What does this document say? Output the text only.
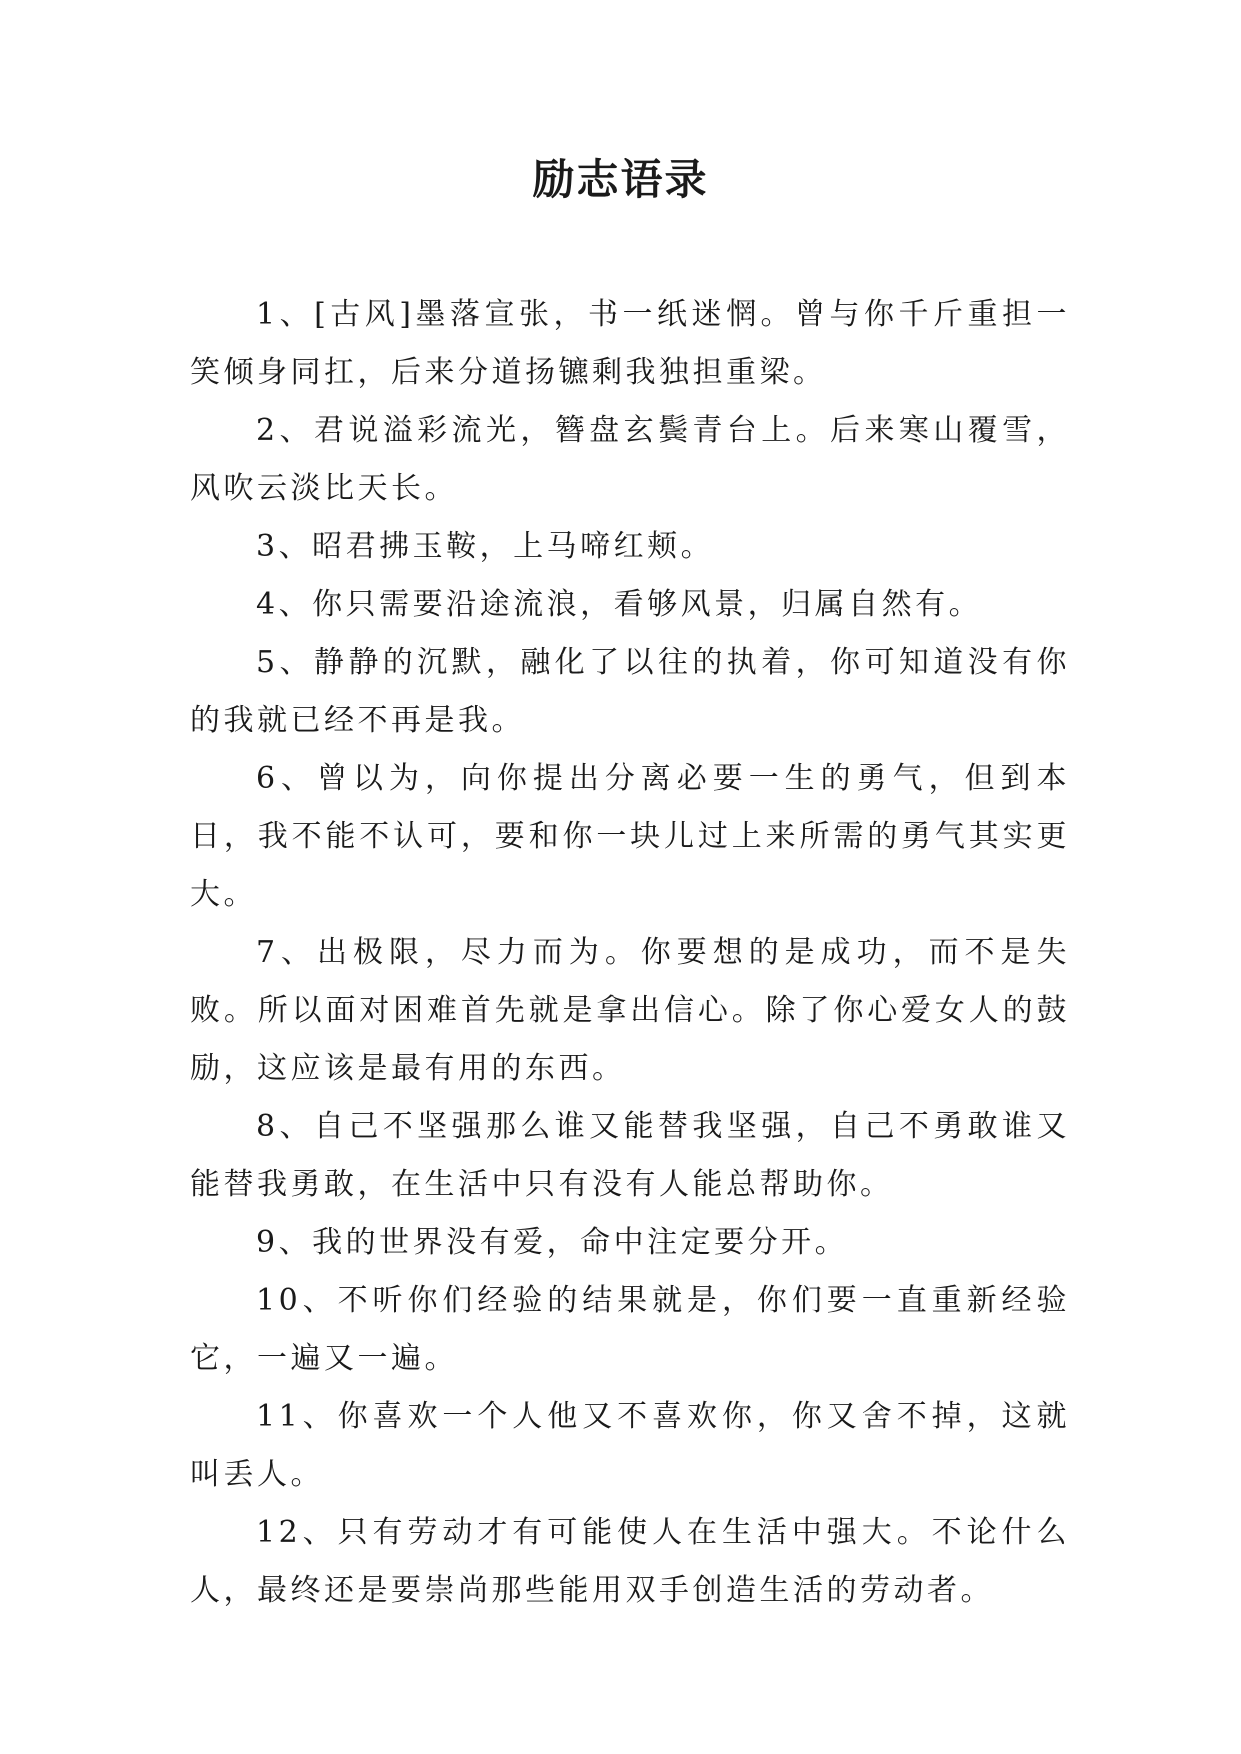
励志语录

1、[古风]墨落宣张，书一纸迷惘。曾与你千斤重担一笑倾身同扛，后来分道扬镳剩我独担重梁。

2、君说溢彩流光，簪盘玄鬓青台上。后来寒山覆雪，风吹云淡比天长。

3、昭君拂玉鞍，上马啼红颊。

4、你只需要沿途流浪，看够风景，归属自然有。

5、静静的沉默，融化了以往的执着，你可知道没有你的我就已经不再是我。

6、曾以为，向你提出分离必要一生的勇气，但到本日，我不能不认可，要和你一块儿过上来所需的勇气其实更大。

7、出极限，尽力而为。你要想的是成功，而不是失败。所以面对困难首先就是拿出信心。除了你心爱女人的鼓励，这应该是最有用的东西。

8、自己不坚强那么谁又能替我坚强，自己不勇敢谁又能替我勇敢，在生活中只有没有人能总帮助你。

9、我的世界没有爱，命中注定要分开。

10、不听你们经验的结果就是，你们要一直重新经验它，一遍又一遍。

11、你喜欢一个人他又不喜欢你，你又舍不掉，这就叫丢人。

12、只有劳动才有可能使人在生活中强大。不论什么人，最终还是要崇尚那些能用双手创造生活的劳动者。
